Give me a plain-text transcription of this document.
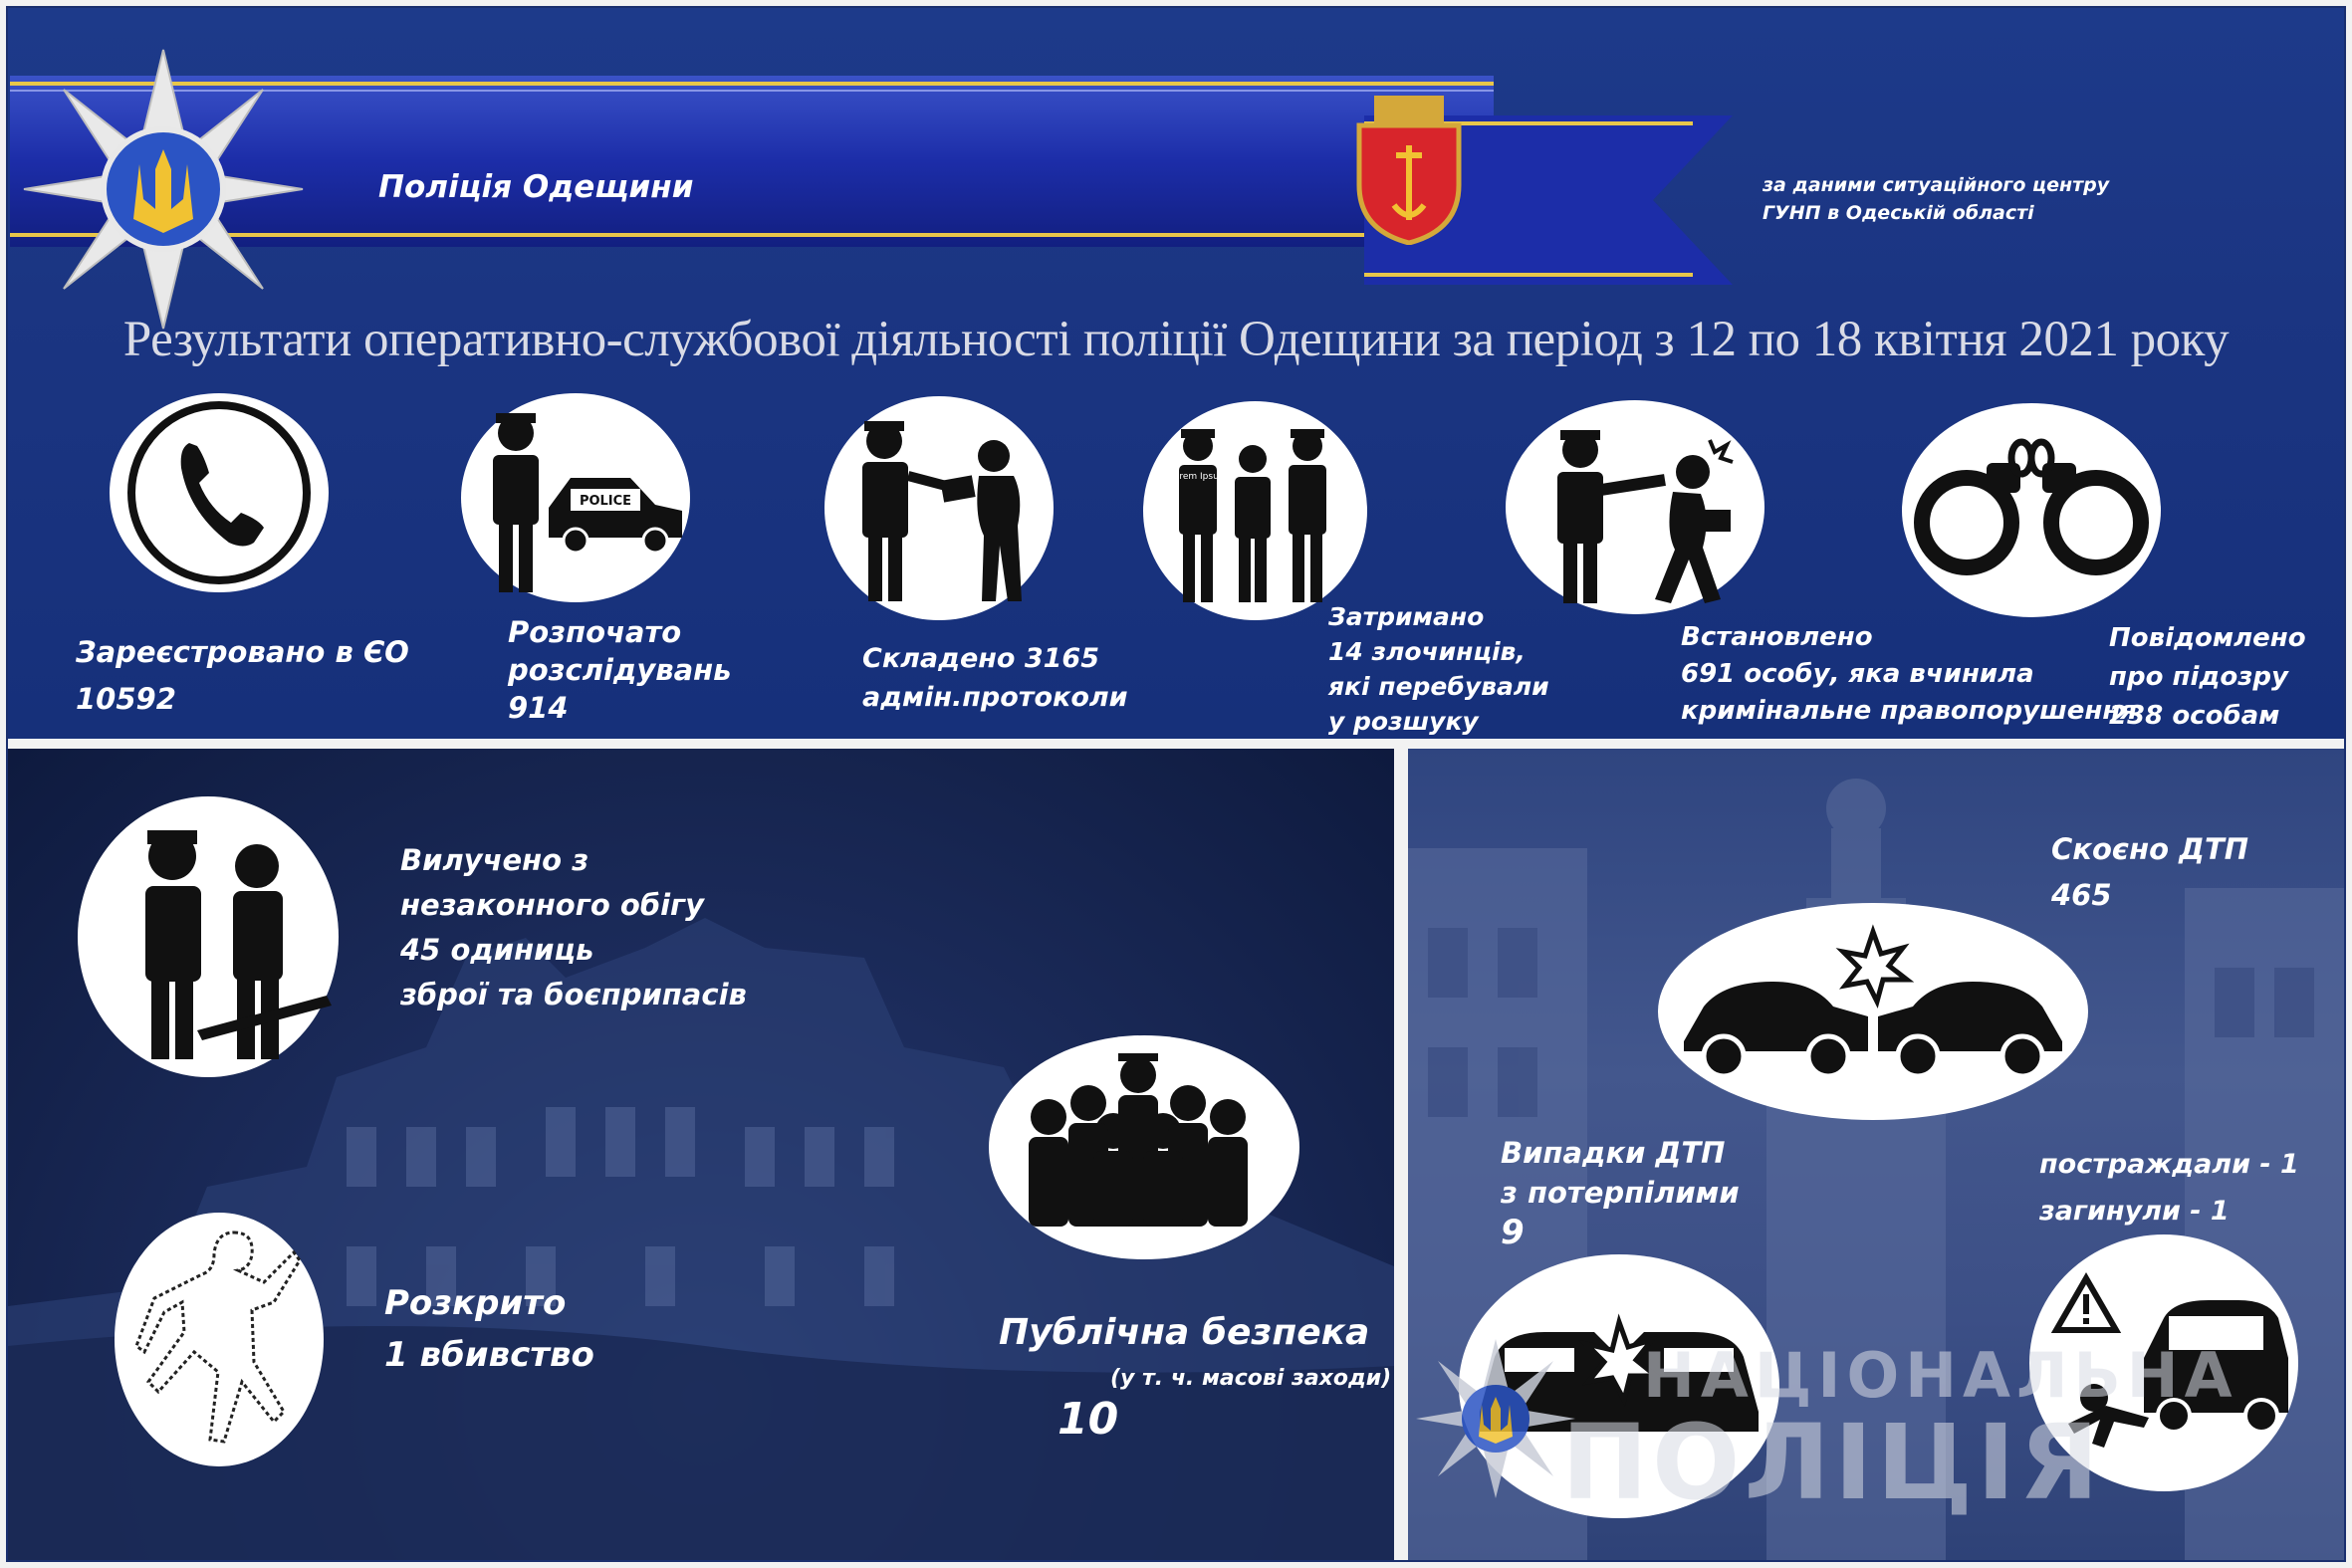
Поліція Одещини	за даними ситуаційного центру
ГУНП в Одеській області
Результати оперативно-службової діяльності поліції Одещини за період з 12 по 18 квітня 2021 року
POLICE
Lorem Ipsum
Зареєстровано в ЄО
10592
Розпочато
розслідувань
914
Складено 3165
адмін.протоколи
Затримано
14 злочинців,
які перебували
у розшуку
Встановлено
691 особу, яка вчинила
кримінальне правопорушення
Повідомлено
про підозру
238 особам
Вилучено з
незаконного обігу
45 одиниць
зброї та боєприпасів
Розкрито
1 вбивство
Публічна безпека
(у т. ч. масові заходи)
10
Скоєно ДТП
465
Випадки ДТП
з потерпілими
9
постраждали - 1
загинули - 1
НАЦІОНАЛЬНА
ПОЛІЦІЯ
